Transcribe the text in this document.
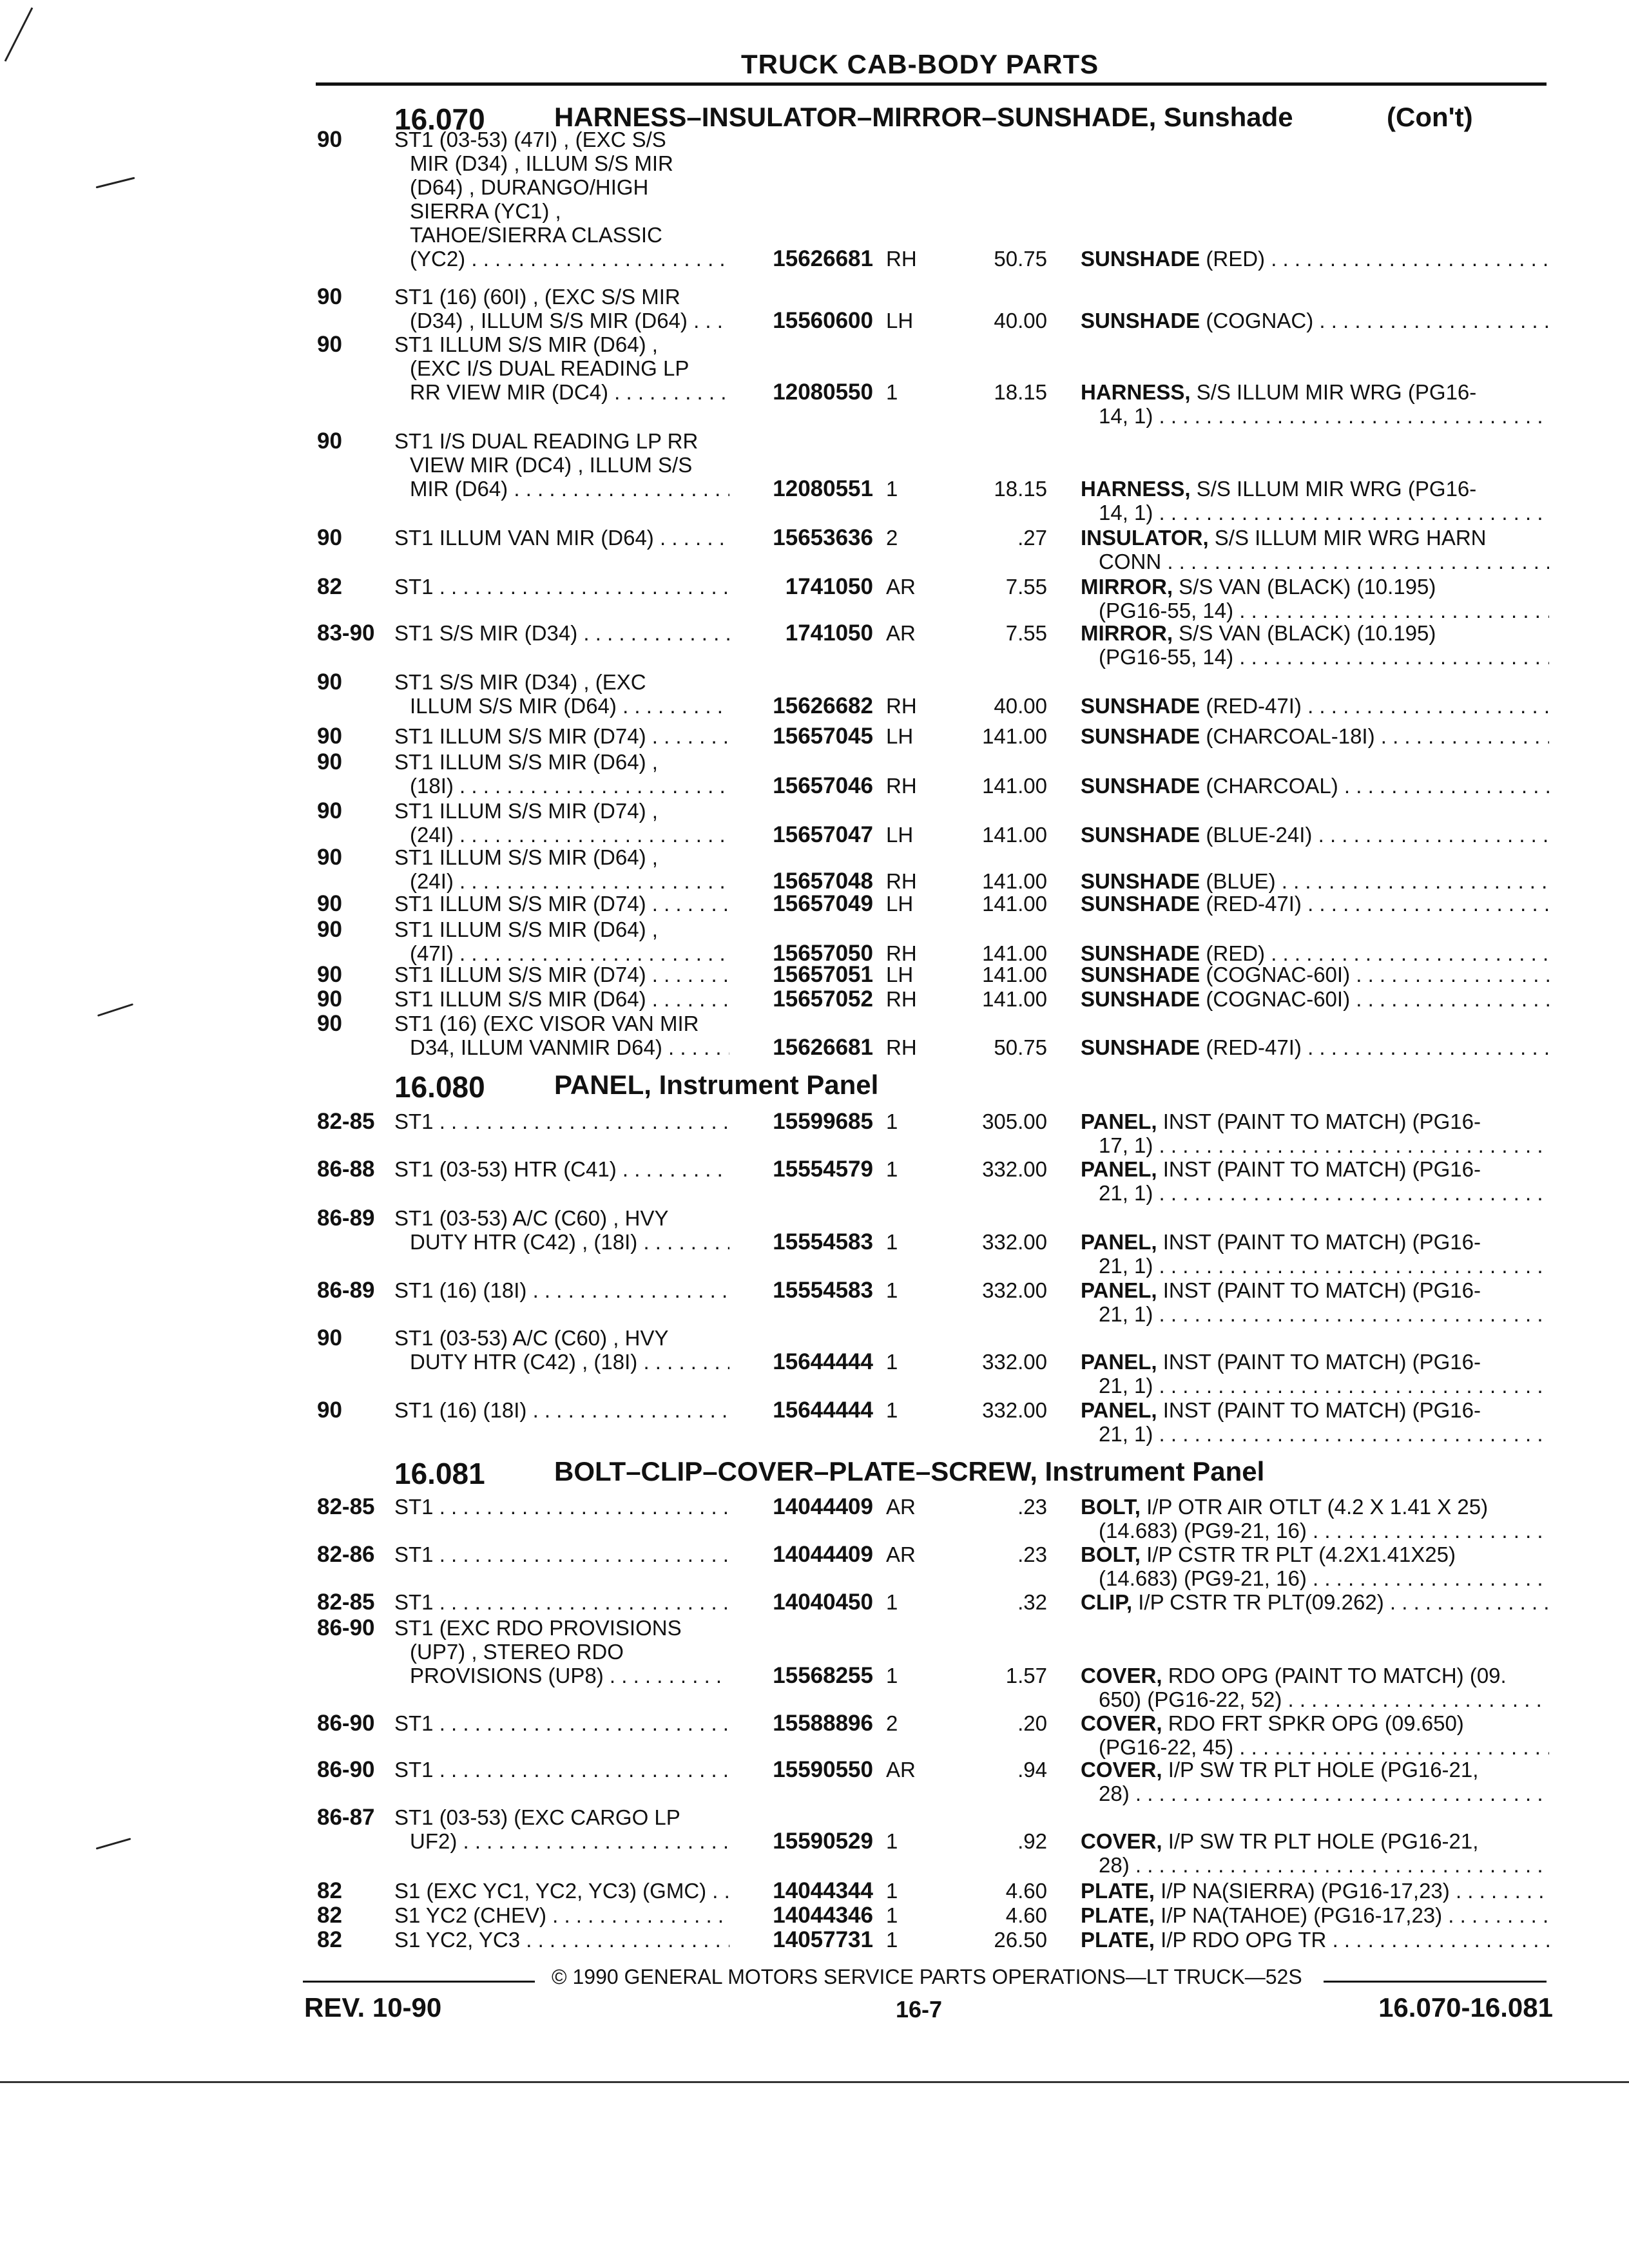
TRUCK CAB-BODY PARTS
16.070	HARNESS–INSULATOR–MIRROR–SUNSHADE, Sunshade	(Con't)
90	ST1 (03-53) (47I) , (EXC S/S
MIR (D34) , ILLUM S/S MIR
(D64) , DURANGO/HIGH
SIERRA (YC1) ,
TAHOE/SIERRA CLASSIC
(YC2) . . .	15626681 RH	50.75 SUNSHADE (RED) . . .
90	ST1 (16) (60I) , (EXC S/S MIR
(D34) , ILLUM S/S MIR (D64) . . .	15560600 LH	40.00 SUNSHADE (COGNAC) . . .
90	ST1 ILLUM S/S MIR (D64) ,
(EXC I/S DUAL READING LP
RR VIEW MIR (DC4) . . .	12080550 1	18.15 HARNESS, S/S ILLUM MIR WRG (PG16-
14, 1) . . .
90	ST1 I/S DUAL READING LP RR
VIEW MIR (DC4) , ILLUM S/S
MIR (D64) . . .	12080551 1	18.15 HARNESS, S/S ILLUM MIR WRG (PG16-
14, 1) . . .
90	ST1 ILLUM VAN MIR (D64) . . .	15653636 2	.27 INSULATOR, S/S ILLUM MIR WRG HARN
CONN . . .
82	ST1 . . .	1741050 AR	7.55 MIRROR, S/S VAN (BLACK) (10.195)
(PG16-55, 14) . . .
83-90 ST1 S/S MIR (D34) . . .	1741050 AR	7.55 MIRROR, S/S VAN (BLACK) (10.195)
(PG16-55, 14) . . .
90	ST1 S/S MIR (D34) , (EXC
ILLUM S/S MIR (D64) . . .	15626682 RH	40.00 SUNSHADE (RED-47I) . . .
90	ST1 ILLUM S/S MIR (D74) . . .	15657045 LH	141.00 SUNSHADE (CHARCOAL-18I) . . .
90	ST1 ILLUM S/S MIR (D64) ,
(18I) . . .	15657046 RH	141.00 SUNSHADE (CHARCOAL) . . .
90	ST1 ILLUM S/S MIR (D74) ,
(24I) . . .	15657047 LH	141.00 SUNSHADE (BLUE-24I) . . .
90	ST1 ILLUM S/S MIR (D64) ,
(24I) . . .	15657048 RH	141.00 SUNSHADE (BLUE) . . .
90	ST1 ILLUM S/S MIR (D74) . . .	15657049 LH	141.00 SUNSHADE (RED-47I) . . .
90	ST1 ILLUM S/S MIR (D64) ,
(47I) . . .	15657050 RH	141.00 SUNSHADE (RED) . . .
90	ST1 ILLUM S/S MIR (D74) . . .	15657051 LH	141.00 SUNSHADE (COGNAC-60I) . . .
90	ST1 ILLUM S/S MIR (D64) . . .	15657052 RH	141.00 SUNSHADE (COGNAC-60I) . . .
90	ST1 (16) (EXC VISOR VAN MIR
D34, ILLUM VANMIR D64) . . .	15626681 RH	50.75 SUNSHADE (RED-47I) . . .
16.080	PANEL, Instrument Panel
82-85 ST1 . . .	15599685 1	305.00 PANEL, INST (PAINT TO MATCH) (PG16-
17, 1) . . .
86-88 ST1 (03-53) HTR (C41) . . .	15554579 1	332.00 PANEL, INST (PAINT TO MATCH) (PG16-
21, 1) . . .
86-89 ST1 (03-53) A/C (C60) , HVY
DUTY HTR (C42) , (18I) . . .	15554583 1	332.00 PANEL, INST (PAINT TO MATCH) (PG16-
21, 1) . . .
86-89 ST1 (16) (18I) . . .	15554583 1	332.00 PANEL, INST (PAINT TO MATCH) (PG16-
21, 1) . . .
90	ST1 (03-53) A/C (C60) , HVY
DUTY HTR (C42) , (18I) . . .	15644444 1	332.00 PANEL, INST (PAINT TO MATCH) (PG16-
21, 1) . . .
90	ST1 (16) (18I) . . .	15644444 1	332.00 PANEL, INST (PAINT TO MATCH) (PG16-
21, 1) . . .
16.081	BOLT–CLIP–COVER–PLATE–SCREW, Instrument Panel
82-85 ST1 . . .	14044409 AR	.23 BOLT, I/P OTR AIR OTLT (4.2 X 1.41 X 25)
(14.683) (PG9-21, 16) . . .
82-86 ST1 . . .	14044409 AR	.23 BOLT, I/P CSTR TR PLT (4.2X1.41X25)
(14.683) (PG9-21, 16) . . .
82-85 ST1 . . .	14040450 1	.32 CLIP, I/P CSTR TR PLT(09.262) . . .
86-90 ST1 (EXC RDO PROVISIONS
(UP7) , STEREO RDO
PROVISIONS (UP8) . . .	15568255 1	1.57 COVER, RDO OPG (PAINT TO MATCH) (09.
650) (PG16-22, 52) . . .
86-90 ST1 . . .	15588896 2	.20 COVER, RDO FRT SPKR OPG (09.650)
(PG16-22, 45) . . .
86-90 ST1 . . .	15590550 AR	.94 COVER, I/P SW TR PLT HOLE (PG16-21,
28) . . .
86-87 ST1 (03-53) (EXC CARGO LP
UF2) . . .	15590529 1	.92 COVER, I/P SW TR PLT HOLE (PG16-21,
28) . . .
82	S1 (EXC YC1, YC2, YC3) (GMC) . . .	14044344 1	4.60 PLATE, I/P NA(SIERRA) (PG16-17,23) . . .
82	S1 YC2 (CHEV) . . .	14044346 1	4.60 PLATE, I/P NA(TAHOE) (PG16-17,23) . . .
82	S1 YC2, YC3 . . .	14057731 1	26.50 PLATE, I/P RDO OPG TR . . .
© 1990 GENERAL MOTORS SERVICE PARTS OPERATIONS—LT TRUCK—52S
REV. 10-90	16-7	16.070-16.081
